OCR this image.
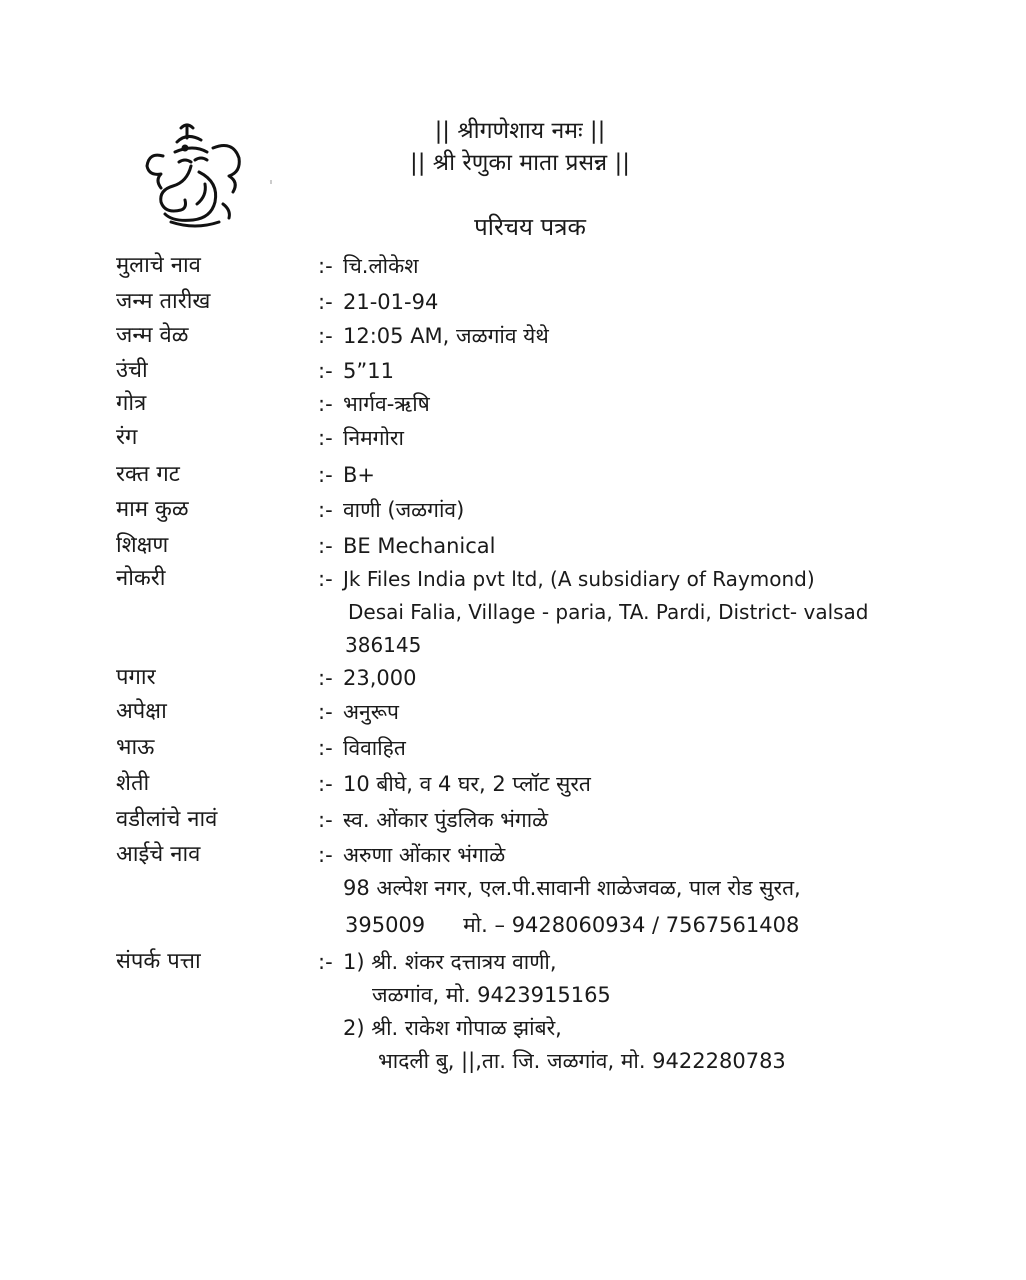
|| श्रीगणेशाय नमः ||
|| श्री रेणुका माता प्रसन्न ||
परिचय पत्रक
मुलाचे नाव	:- चि.लोकेश
जन्म तारीख	:- 21-01-94
जन्म वेळ	:- 12:05 AM, जळगांव येथे
उंची	:- 5”11
गोत्र	:- भार्गव-ऋषि
रंग	:- निमगोरा
रक्त गट	:- B+
माम कुळ	:- वाणी (जळगांव)
शिक्षण	:- BE Mechanical
नोकरी	:- Jk Files India pvt ltd, (A subsidiary of Raymond)
Desai Falia, Village - paria, TA. Pardi, District- valsad
386145
पगार	:- 23,000
अपेक्षा	:- अनुरूप
भाऊ	:- विवाहित
शेती	:- 10 बीघे, व 4 घर, 2 प्लॉट सुरत
वडीलांचे नावं	:- स्व. ओंकार पुंडलिक भंगाळे
आईचे नाव	:- अरुणा ओंकार भंगाळे
98 अल्पेश नगर, एल.पी.सावानी शाळेजवळ, पाल रोड सुरत,
395009 मो. – 9428060934 / 7567561408
संपर्क पत्ता	:- 1) श्री. शंकर दत्तात्रय वाणी,
जळगांव, मो. 9423915165
2) श्री. राकेश गोपाळ झांबरे,
भादली बु, ||,ता. जि. जळगांव, मो. 9422280783
